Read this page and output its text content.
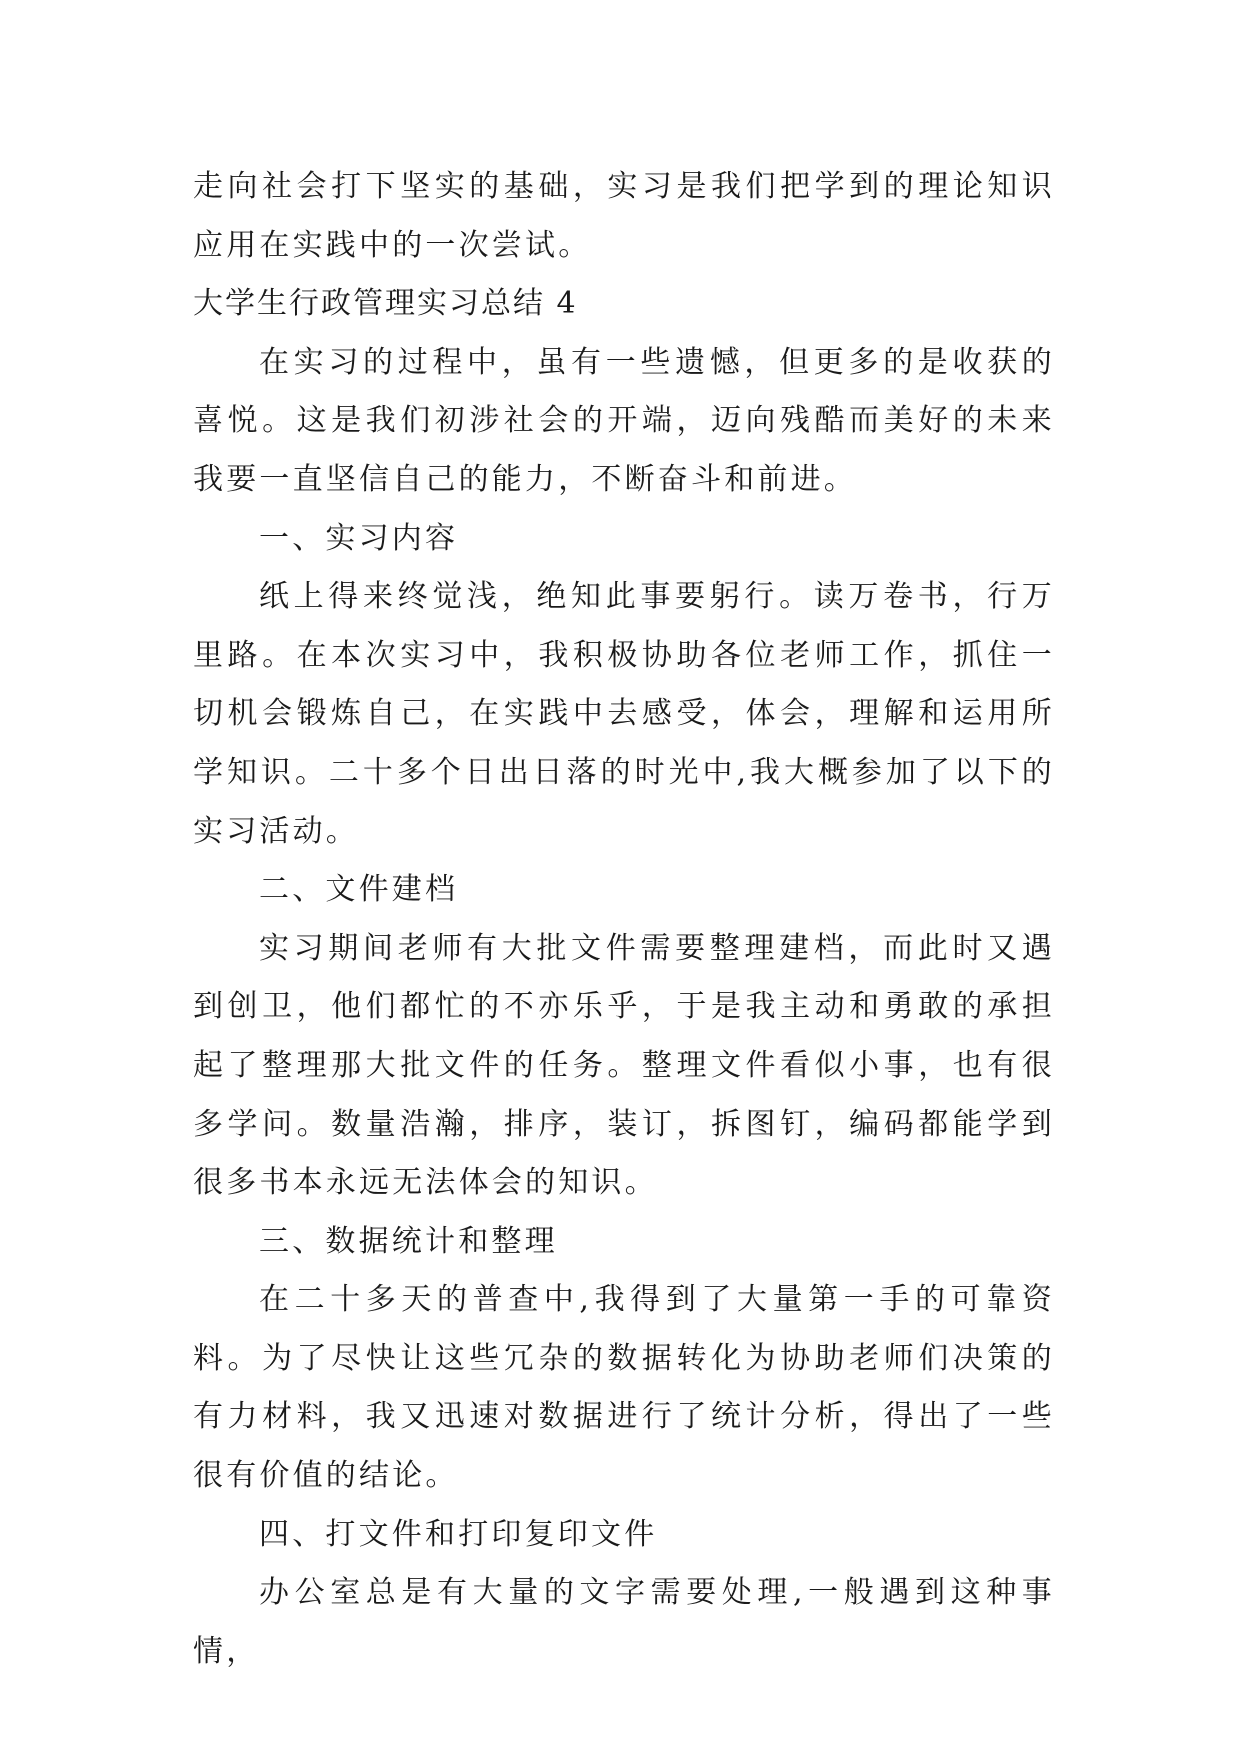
走向社会打下坚实的基础，实习是我们把学到的理论知识应用在实践中的一次尝试。

大学生行政管理实习总结 4

在实习的过程中，虽有一些遗憾，但更多的是收获的喜悦。这是我们初涉社会的开端，迈向残酷而美好的未来我要一直坚信自己的能力，不断奋斗和前进。

一、实习内容

纸上得来终觉浅，绝知此事要躬行。读万卷书，行万里路。在本次实习中，我积极协助各位老师工作，抓住一切机会锻炼自己，在实践中去感受，体会，理解和运用所学知识。二十多个日出日落的时光中,我大概参加了以下的实习活动。

二、文件建档

实习期间老师有大批文件需要整理建档，而此时又遇到创卫，他们都忙的不亦乐乎，于是我主动和勇敢的承担起了整理那大批文件的任务。整理文件看似小事，也有很多学问。数量浩瀚，排序，装订，拆图钉，编码都能学到很多书本永远无法体会的知识。

三、数据统计和整理

在二十多天的普查中,我得到了大量第一手的可靠资料。为了尽快让这些冗杂的数据转化为协助老师们决策的有力材料，我又迅速对数据进行了统计分析，得出了一些很有价值的结论。

四、打文件和打印复印文件

办公室总是有大量的文字需要处理,一般遇到这种事情，
